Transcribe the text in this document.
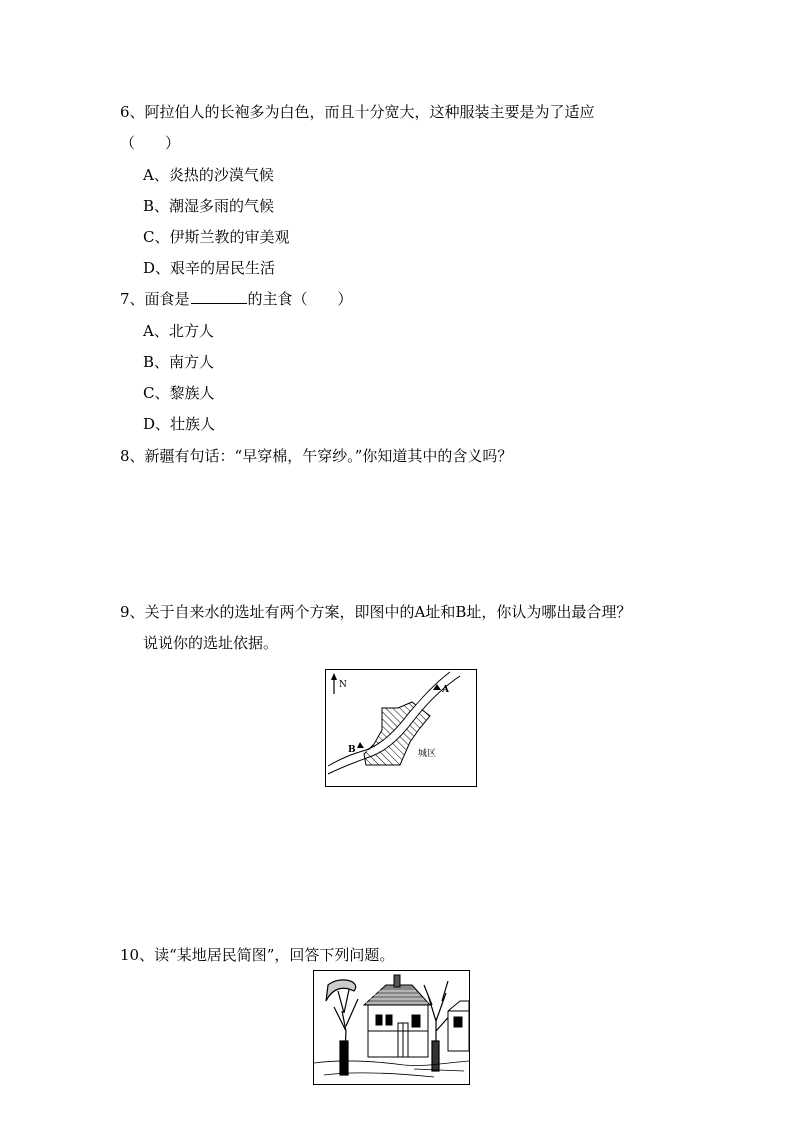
6、阿拉伯人的长袍多为白色，而且十分宽大，这种服装主要是为了适应
（　　）
A、炎热的沙漠气候
B、潮湿多雨的气候
C、伊斯兰教的审美观
D、艰辛的居民生活
7、面食是	的主食（　　）
A、北方人
B、南方人
C、黎族人
D、壮族人
8、新疆有句话：“早穿棉，午穿纱。”你知道其中的含义吗？
9、关于自来水的选址有两个方案，即图中的A址和B址，你认为哪出最合理？
说说你的选址依据。
N	A
B	城区
10、读“某地居民简图”，回答下列问题。
